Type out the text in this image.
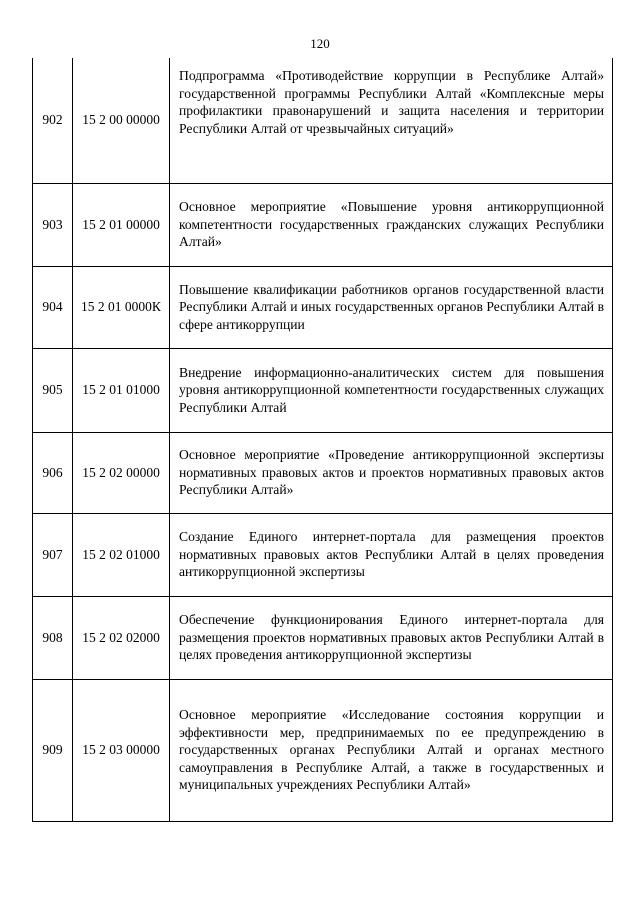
120
902	15 2 00 00000	Подпрограмма «Противодействие коррупции в Республике Алтай» государственной программы Республики Алтай «Комплексные меры профилактики правонарушений и защита населения и территории Республики Алтай от чрезвычайных ситуаций»
903	15 2 01 00000	Основное мероприятие «Повышение уровня антикоррупционной компетентности государственных гражданских служащих Республики Алтай»
904	15 2 01 0000К	Повышение квалификации работников органов государственной власти Республики Алтай и иных государственных органов Республики Алтай в сфере антикоррупции
905	15 2 01 01000	Внедрение информационно-аналитических систем для повышения уровня антикоррупционной компетентности государственных служащих Республики Алтай
906	15 2 02 00000	Основное мероприятие «Проведение антикоррупционной экспертизы нормативных правовых актов и проектов нормативных правовых актов Республики Алтай»
907	15 2 02 01000	Создание Единого интернет-портала для размещения проектов нормативных правовых актов Республики Алтай в целях проведения антикоррупционной экспертизы
908	15 2 02 02000	Обеспечение функционирования Единого интернет-портала для размещения проектов нормативных правовых актов Республики Алтай в целях проведения антикоррупционной экспертизы
909	15 2 03 00000	Основное мероприятие «Исследование состояния коррупции и эффективности мер, предпринимаемых по ее предупреждению в государственных органах Республики Алтай и органах местного самоуправления в Республике Алтай, а также в государственных и муниципальных учреждениях Республики Алтай»
